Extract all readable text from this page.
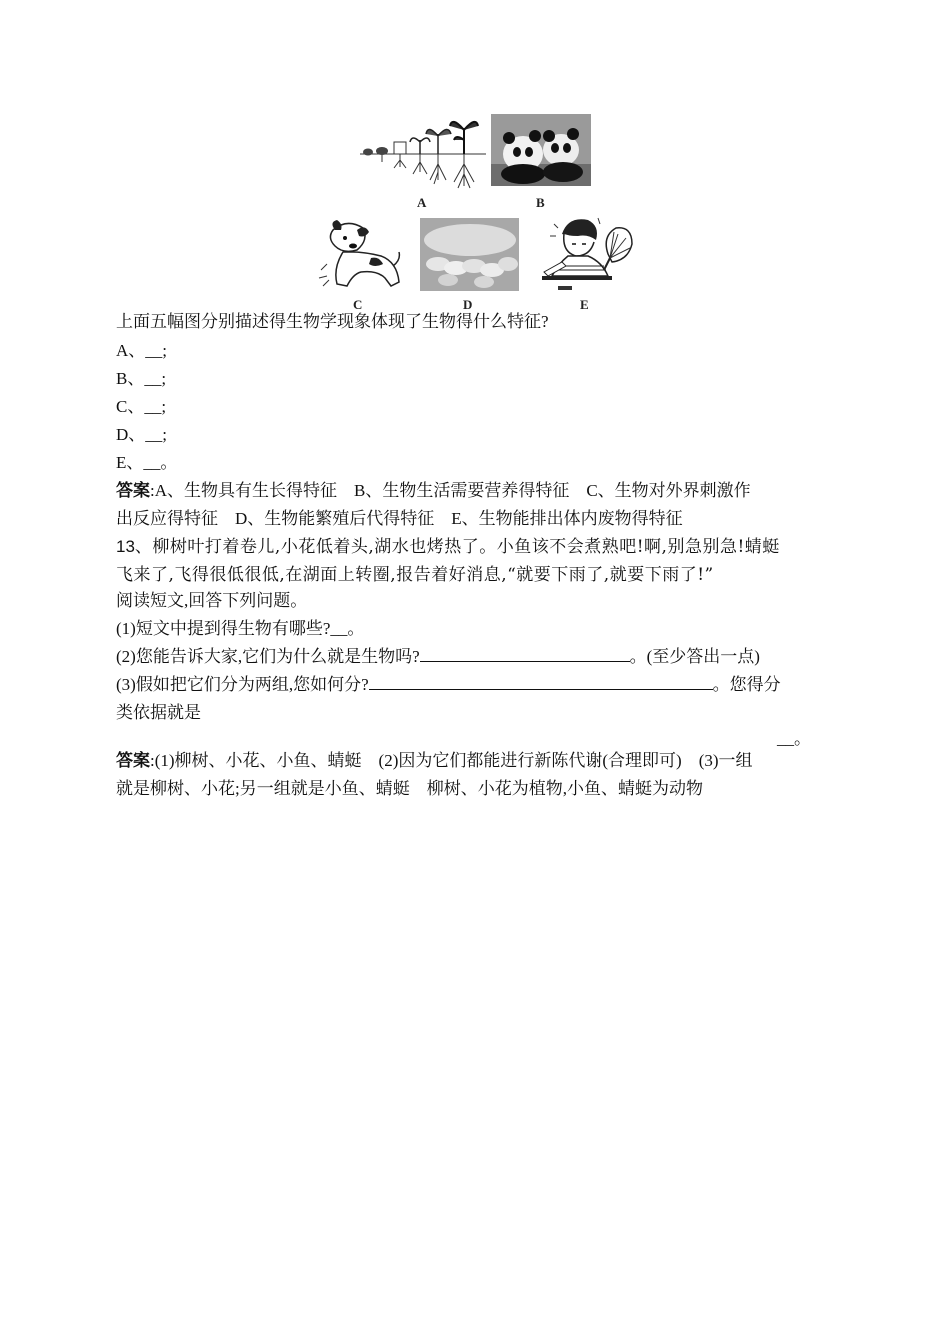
A	B
C	D	E
上面五幅图分别描述得生物学现象体现了生物得什么特征?
A、__;
B、__;
C、__;
D、__;
E、__。
答案:A、生物具有生长得特征　B、生物生活需要营养得特征　C、生物对外界刺激作
出反应得特征　D、生物能繁殖后代得特征　E、生物能排出体内废物得特征
13、柳树叶打着卷儿,小花低着头,湖水也烤热了。小鱼该不会煮熟吧!啊,别急别急!蜻蜓
飞来了,飞得很低很低,在湖面上转圈,报告着好消息,“就要下雨了,就要下雨了!”
阅读短文,回答下列问题。
(1)短文中提到得生物有哪些?__。
(2)您能告诉大家,它们为什么就是生物吗?	。(至少答出一点)
(3)假如把它们分为两组,您如何分?	。您得分
类依据就是
__。
答案:(1)柳树、小花、小鱼、蜻蜓　(2)因为它们都能进行新陈代谢(合理即可)　(3)一组
就是柳树、小花;另一组就是小鱼、蜻蜓　柳树、小花为植物,小鱼、蜻蜓为动物
